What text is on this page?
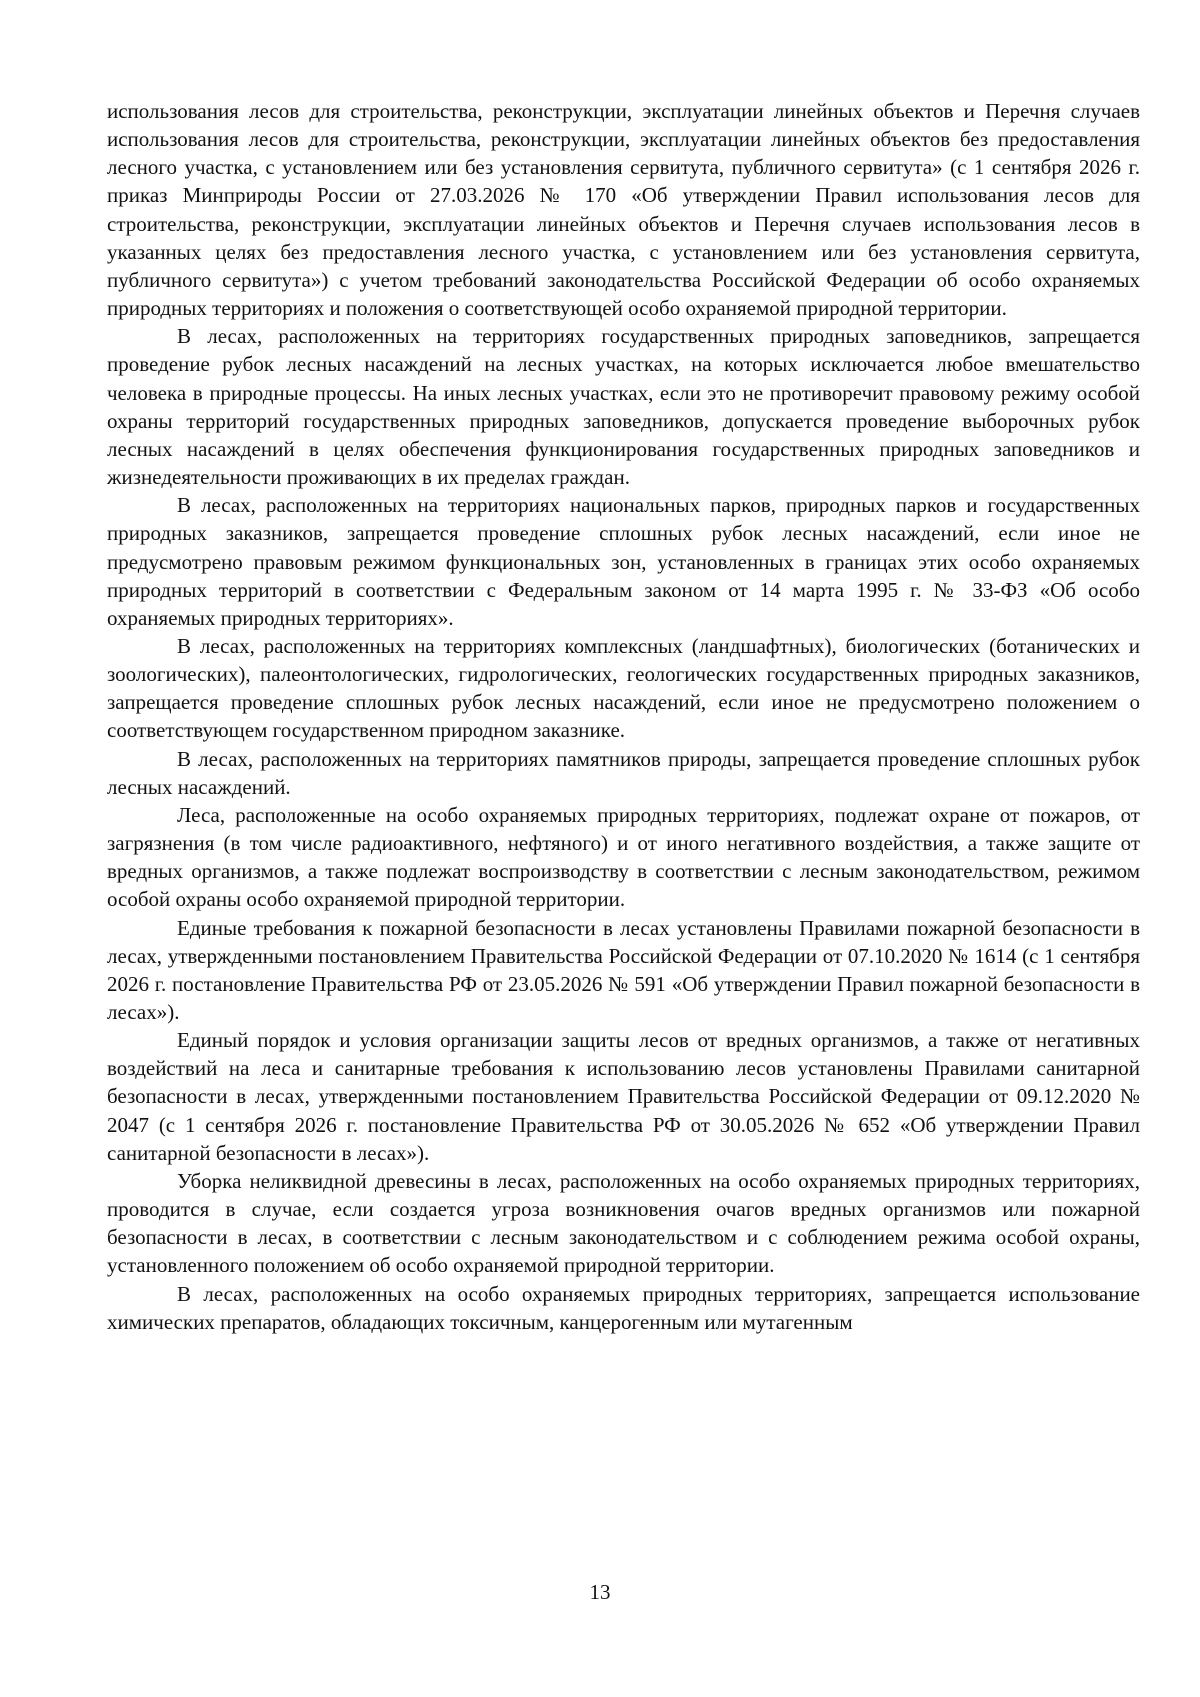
использования лесов для строительства, реконструкции, эксплуатации линейных объектов и Перечня случаев использования лесов для строительства, реконструкции, эксплуатации линейных объектов без предоставления лесного участка, с установлением или без установления сервитута, публичного сервитута» (с 1 сентября 2026 г. приказ Минприроды России от 27.03.2026 № 170 «Об утверждении Правил использования лесов для строительства, реконструкции, эксплуатации линейных объектов и Перечня случаев использования лесов в указанных целях без предоставления лесного участка, с установлением или без установления сервитута, публичного сервитута») с учетом требований законодательства Российской Федерации об особо охраняемых природных территориях и положения о соответствующей особо охраняемой природной территории.

В лесах, расположенных на территориях государственных природных заповедников, запрещается проведение рубок лесных насаждений на лесных участках, на которых исключается любое вмешательство человека в природные процессы. На иных лесных участках, если это не противоречит правовому режиму особой охраны территорий государственных природных заповедников, допускается проведение выборочных рубок лесных насаждений в целях обеспечения функционирования государственных природных заповедников и жизнедеятельности проживающих в их пределах граждан.

В лесах, расположенных на территориях национальных парков, природных парков и государственных природных заказников, запрещается проведение сплошных рубок лесных насаждений, если иное не предусмотрено правовым режимом функциональных зон, установленных в границах этих особо охраняемых природных территорий в соответствии с Федеральным законом от 14 марта 1995 г. № 33-ФЗ «Об особо охраняемых природных территориях».

В лесах, расположенных на территориях комплексных (ландшафтных), биологических (ботанических и зоологических), палеонтологических, гидрологических, геологических государственных природных заказников, запрещается проведение сплошных рубок лесных насаждений, если иное не предусмотрено положением о соответствующем государственном природном заказнике.

В лесах, расположенных на территориях памятников природы, запрещается проведение сплошных рубок лесных насаждений.

Леса, расположенные на особо охраняемых природных территориях, подлежат охране от пожаров, от загрязнения (в том числе радиоактивного, нефтяного) и от иного негативного воздействия, а также защите от вредных организмов, а также подлежат воспроизводству в соответствии с лесным законодательством, режимом особой охраны особо охраняемой природной территории.

Единые требования к пожарной безопасности в лесах установлены Правилами пожарной безопасности в лесах, утвержденными постановлением Правительства Российской Федерации от 07.10.2020 № 1614 (с 1 сентября 2026 г. постановление Правительства РФ от 23.05.2026 № 591 «Об утверждении Правил пожарной безопасности в лесах»).

Единый порядок и условия организации защиты лесов от вредных организмов, а также от негативных воздействий на леса и санитарные требования к использованию лесов установлены Правилами санитарной безопасности в лесах, утвержденными постановлением Правительства Российской Федерации от 09.12.2020 № 2047 (с 1 сентября 2026 г. постановление Правительства РФ от 30.05.2026 № 652 «Об утверждении Правил санитарной безопасности в лесах»).

Уборка неликвидной древесины в лесах, расположенных на особо охраняемых природных территориях, проводится в случае, если создается угроза возникновения очагов вредных организмов или пожарной безопасности в лесах, в соответствии с лесным законодательством и с соблюдением режима особой охраны, установленного положением об особо охраняемой природной территории.

В лесах, расположенных на особо охраняемых природных территориях, запрещается использование химических препаратов, обладающих токсичным, канцерогенным или мутагенным

13
